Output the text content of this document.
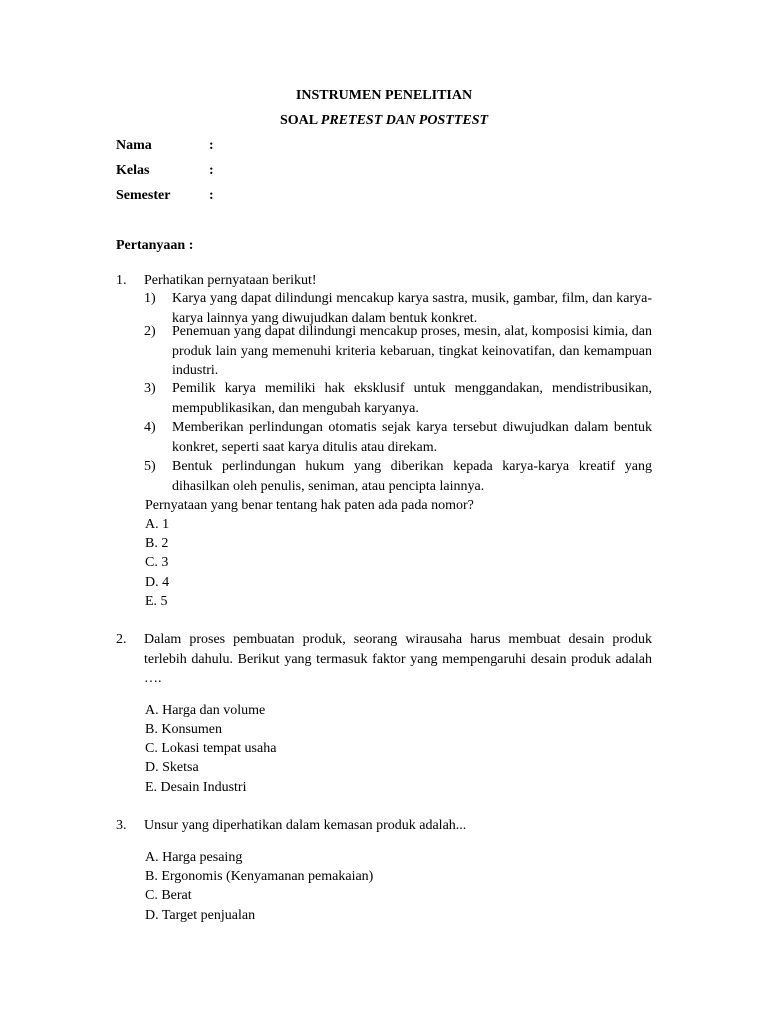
INSTRUMEN PENELITIAN
SOAL PRETEST DAN POSTTEST
Nama	:
Kelas	:
Semester	:
Pertanyaan :
1. Perhatikan pernyataan berikut!
1) Karya yang dapat dilindungi mencakup karya sastra, musik, gambar, film, dan karya-karya lainnya yang diwujudkan dalam bentuk konkret.
2) Penemuan yang dapat dilindungi mencakup proses, mesin, alat, komposisi kimia, dan produk lain yang memenuhi kriteria kebaruan, tingkat keinovatifan, dan kemampuan industri.
3) Pemilik karya memiliki hak eksklusif untuk menggandakan, mendistribusikan, mempublikasikan, dan mengubah karyanya.
4) Memberikan perlindungan otomatis sejak karya tersebut diwujudkan dalam bentuk konkret, seperti saat karya ditulis atau direkam.
5) Bentuk perlindungan hukum yang diberikan kepada karya-karya kreatif yang dihasilkan oleh penulis, seniman, atau pencipta lainnya.
Pernyataan yang benar tentang hak paten ada pada nomor?
A. 1
B. 2
C. 3
D. 4
E. 5
2. Dalam proses pembuatan produk, seorang wirausaha harus membuat desain produk terlebih dahulu. Berikut yang termasuk faktor yang mempengaruhi desain produk adalah ….
A. Harga dan volume
B. Konsumen
C. Lokasi tempat usaha
D. Sketsa
E. Desain Industri
3. Unsur yang diperhatikan dalam kemasan produk adalah...
A. Harga pesaing
B. Ergonomis (Kenyamanan pemakaian)
C. Berat
D. Target penjualan
